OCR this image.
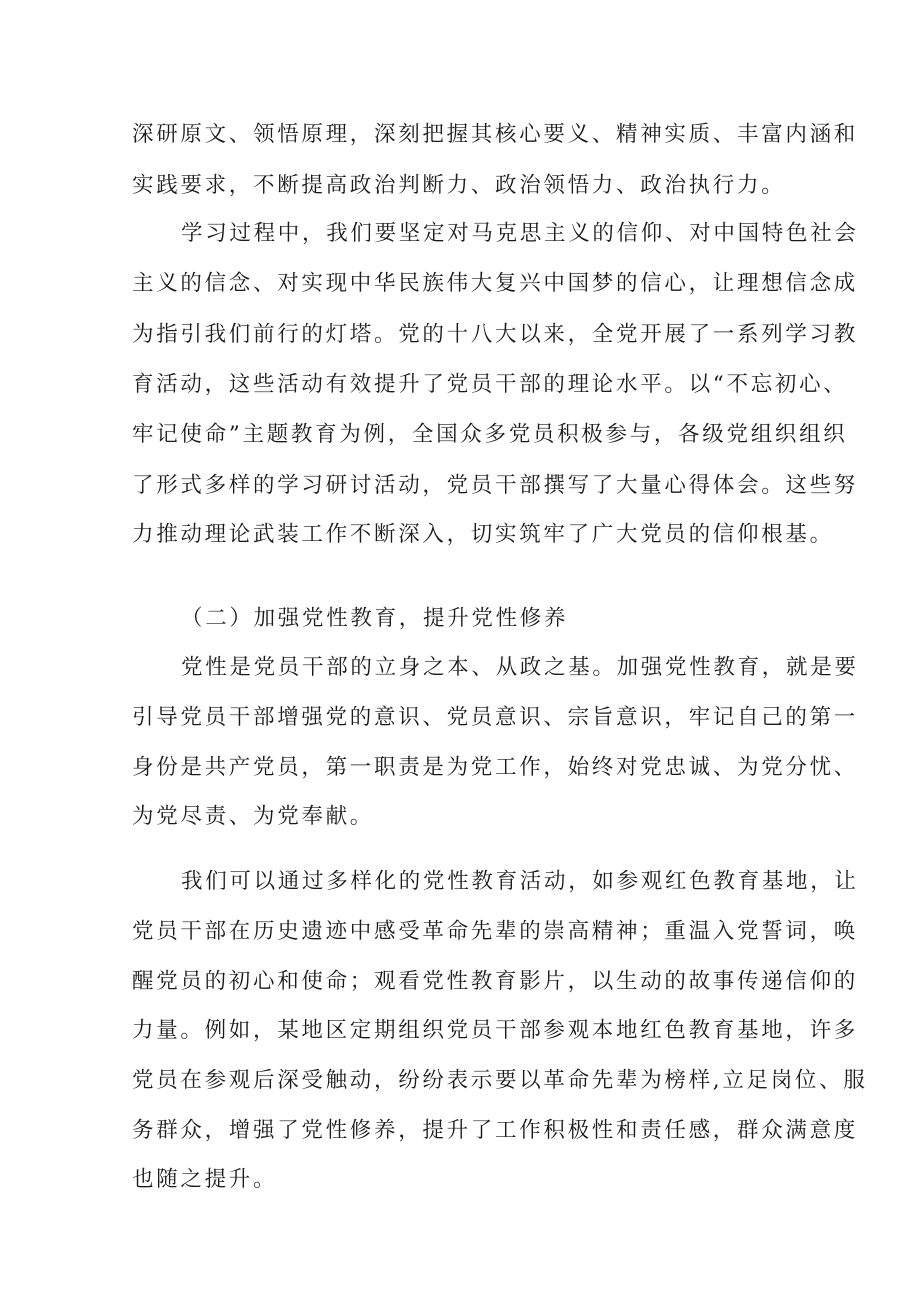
深研原文、领悟原理，深刻把握其核心要义、精神实质、丰富内涵和
实践要求，不断提高政治判断力、政治领悟力、政治执行力。
学习过程中，我们要坚定对马克思主义的信仰、对中国特色社会
主义的信念、对实现中华民族伟大复兴中国梦的信心，让理想信念成
为指引我们前行的灯塔。党的十八大以来，全党开展了一系列学习教
育活动，这些活动有效提升了党员干部的理论水平。以“不忘初心、
牢记使命”主题教育为例，全国众多党员积极参与，各级党组织组织
了形式多样的学习研讨活动，党员干部撰写了大量心得体会。这些努
力推动理论武装工作不断深入，切实筑牢了广大党员的信仰根基。
（二）加强党性教育，提升党性修养
党性是党员干部的立身之本、从政之基。加强党性教育，就是要
引导党员干部增强党的意识、党员意识、宗旨意识，牢记自己的第一
身份是共产党员，第一职责是为党工作，始终对党忠诚、为党分忧、
为党尽责、为党奉献。
我们可以通过多样化的党性教育活动，如参观红色教育基地，让
党员干部在历史遗迹中感受革命先辈的崇高精神；重温入党誓词，唤
醒党员的初心和使命；观看党性教育影片，以生动的故事传递信仰的
力量。例如，某地区定期组织党员干部参观本地红色教育基地，许多
党员在参观后深受触动，纷纷表示要以革命先辈为榜样,立足岗位、服
务群众，增强了党性修养，提升了工作积极性和责任感，群众满意度
也随之提升。
